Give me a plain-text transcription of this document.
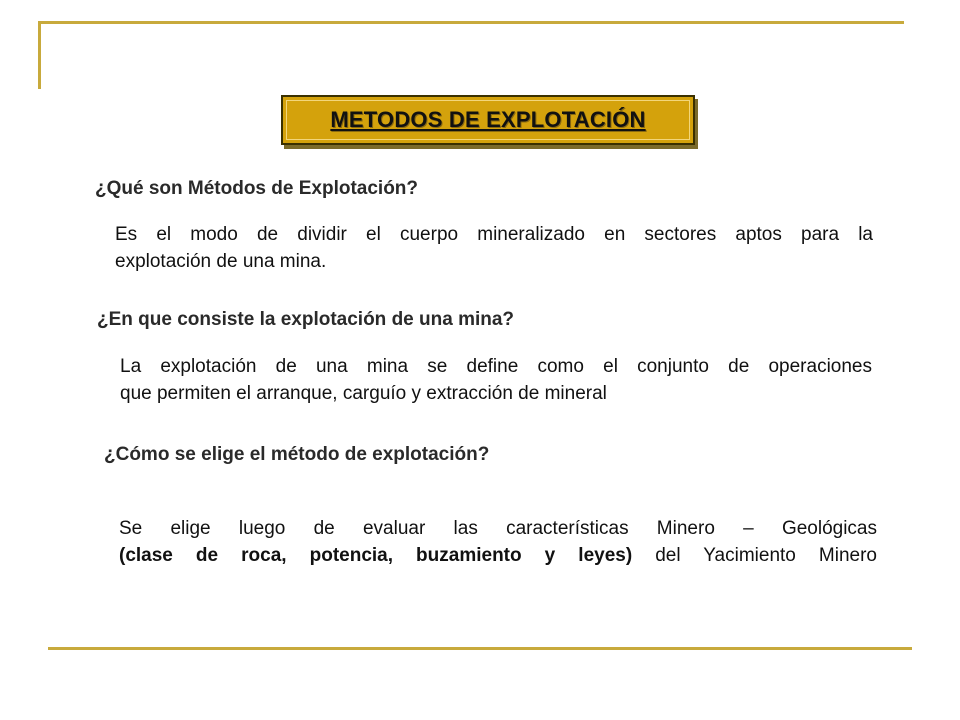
METODOS DE EXPLOTACIÓN
¿Qué son Métodos de Explotación?
Es el modo de dividir el cuerpo mineralizado en sectores aptos para la
explotación de una mina.
¿En que consiste la explotación de una mina?
La explotación de una mina se define como el conjunto de operaciones
que permiten el arranque, carguío y extracción de mineral
¿Cómo se elige el método de explotación?
Se elige luego de evaluar las características Minero – Geológicas
(clase de roca, potencia, buzamiento y leyes) del Yacimiento Minero
